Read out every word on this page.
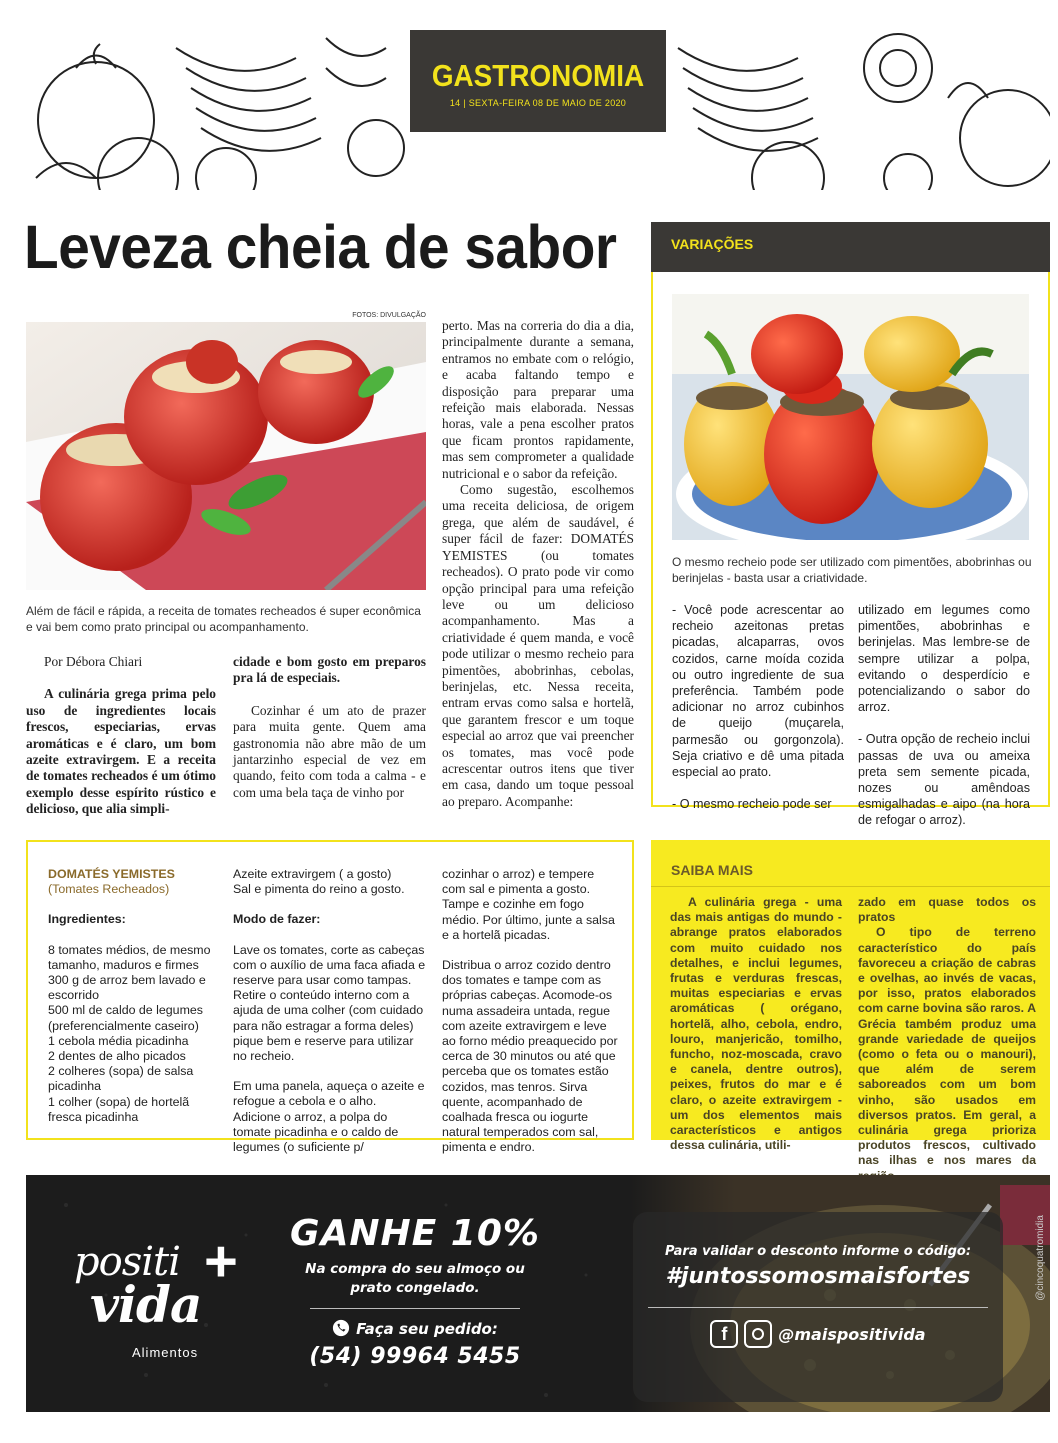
GASTRONOMIA
14 | SEXTA-FEIRA 08 DE MAIO DE 2020
Leveza cheia de sabor
FOTOS: DIVULGAÇÃO

Além de fácil e rápida, a receita de tomates recheados é super econômica e vai bem como prato principal ou acompanhamento.

Por Débora Chiari

A culinária grega prima pelo uso de ingredientes locais frescos, especiarias, ervas aromáticas e é claro, um bom azeite extravirgem. E a receita de tomates recheados é um ótimo exemplo desse espírito rústico e delicioso, que alia simpli-

cidade e bom gosto em preparos pra lá de especiais.

Cozinhar é um ato de prazer para muita gente. Quem ama gastronomia não abre mão de um jantarzinho especial de vez em quando, feito com toda a calma - e com uma bela taça de vinho por

perto. Mas na correria do dia a dia, principalmente durante a semana, entramos no embate com o relógio, e acaba faltando tempo e disposição para preparar uma refeição mais elaborada. Nessas horas, vale a pena escolher pratos que ficam prontos rapidamente, mas sem comprometer a qualidade nutricional e o sabor da refeição.

Como sugestão, escolhemos uma receita deliciosa, de origem grega, que além de saudável, é super fácil de fazer: DOMATÉS YEMISTES (ou tomates recheados). O prato pode vir como opção principal para uma refeição leve ou um delicioso acompanhamento. Mas a criatividade é quem manda, e você pode utilizar o mesmo recheio para pimentões, abobrinhas, cebolas, berinjelas, etc. Nessa receita, entram ervas como salsa e hortelã, que garantem frescor e um toque especial ao arroz que vai preencher os tomates, mas você pode acrescentar outros itens que tiver em casa, dando um toque pessoal ao preparo. Acompanhe:

VARIAÇÕES

O mesmo recheio pode ser utilizado com pimentões, abobrinhas ou berinjelas - basta usar a criatividade.

- Você pode acrescentar ao recheio azeitonas pretas picadas, alcaparras, ovos cozidos, carne moída cozida ou outro ingrediente de sua preferência. Também pode adicionar no arroz cubinhos de queijo (muçarela, parmesão ou gorgonzola). Seja criativo e dê uma pitada especial ao prato.

- O mesmo recheio pode ser

utilizado em legumes como pimentões, abobrinhas e berinjelas. Mas lembre-se de sempre utilizar a polpa, evitando o desperdício e potencializando o sabor do arroz.

- Outra opção de recheio inclui passas de uva ou ameixa preta sem semente picada, nozes ou amêndoas esmigalhadas e aipo (na hora de refogar o arroz).

DOMATÉS YEMISTES

(Tomates Recheados)

Ingredientes:

8 tomates médios, de mesmo tamanho, maduros e firmes

300 g de arroz bem lavado e escorrido

500 ml de caldo de legumes (preferencialmente caseiro)

1 cebola média picadinha

2 dentes de alho picados

2 colheres (sopa) de salsa picadinha

1 colher (sopa) de hortelã fresca picadinha

Azeite extravirgem ( a gosto)

Sal e pimenta do reino a gosto.

Modo de fazer:

Lave os tomates, corte as cabeças com o auxílio de uma faca afiada e reserve para usar como tampas. Retire o conteúdo interno com a ajuda de uma colher (com cuidado para não estragar a forma deles) pique bem e reserve para utilizar no recheio.

Em uma panela, aqueça o azeite e refogue a cebola e o alho. Adicione o arroz, a polpa do tomate picadinha e o caldo de legumes (o suficiente p/

cozinhar o arroz) e tempere com sal e pimenta a gosto. Tampe e cozinhe em fogo médio. Por último, junte a salsa e a hortelã picadas.

Distribua o arroz cozido dentro dos tomates e tampe com as próprias cabeças. Acomode-os numa assadeira untada, regue com azeite extravirgem e leve ao forno médio preaquecido por cerca de 30 minutos ou até que perceba que os tomates estão cozidos, mas tenros. Sirva quente, acompanhado de coalhada fresca ou iogurte natural temperados com sal, pimenta e endro.

SAIBA MAIS

A culinária grega - uma das mais antigas do mundo - abrange pratos elaborados com muito cuidado nos detalhes, e inclui legumes, frutas e verduras frescas, muitas especiarias e ervas aromáticas ( orégano, hortelã, alho, cebola, endro, louro, manjericão, tomilho, funcho, noz-moscada, cravo e canela, dentre outros), peixes, frutos do mar e é claro, o azeite extravirgem - um dos elementos mais característicos e antigos dessa culinária, utili-

zado em quase todos os pratos

O tipo de terreno característico do país favoreceu a criação de cabras e ovelhas, ao invés de vacas, por isso, pratos elaborados com carne bovina são raros. A Grécia também produz uma grande variedade de queijos (como o feta ou o manouri), que além de serem saboreados com um bom vinho, são usados em diversos pratos. Em geral, a culinária grega prioriza produtos frescos, cultivado nas ilhas e nos mares da

positi
vida
+
Alimentos
GANHE 10%
Na compra do seu almoço ou prato congelado.
Faça seu pedido:
(54) 99964 5455
Para validar o desconto informe o código:
#juntossomosmaisfortes
f	@maispositivida
@cincoquatromidia
